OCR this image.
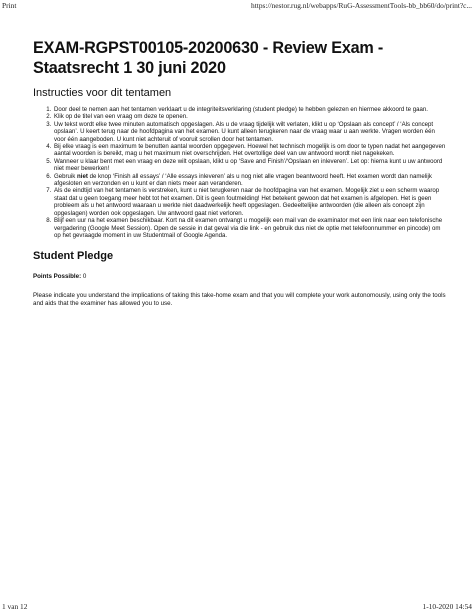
Print	https://nestor.rug.nl/webapps/RuG-AssessmentTools-bb_bb60/do/print?c...
EXAM-RGPST00105-20200630 - Review Exam - Staatsrecht 1 30 juni 2020
Instructies voor dit tentamen
1. Door deel te nemen aan het tentamen verklaart u de integriteitsverklaring (student pledge) te hebben gelezen en hiermee akkoord te gaan.
2. Klik op de titel van een vraag om deze te openen.
3. Uw tekst wordt elke twee minuten automatisch opgeslagen. Als u de vraag tijdelijk wilt verlaten, klikt u op ‘Opslaan als concept’ / ‘Als concept opslaan’. U keert terug naar de hoofdpagina van het examen. U kunt alleen terugkeren naar de vraag waar u aan werkte. Vragen worden één voor één aangeboden. U kunt niet achteruit of vooruit scrollen door het tentamen.
4. Bij elke vraag is een maximum te benutten aantal woorden opgegeven. Hoewel het technisch mogelijk is om door te typen nadat het aangegeven aantal woorden is bereikt, mag u het maximum niet overschrijden. Het overtollige deel van uw antwoord wordt niet nagekeken.
5. Wanneer u klaar bent met een vraag en deze wilt opslaan, klikt u op ‘Save and Finish’/‘Opslaan en inleveren’. Let op: hierna kunt u uw antwoord niet meer bewerken!
6. Gebruik niet de knop ‘Finish all essays’ / ‘Alle essays inleveren’ als u nog niet alle vragen beantwoord heeft. Het examen wordt dan namelijk afgesloten en verzonden en u kunt er dan niets meer aan veranderen.
7. Als de eindtijd van het tentamen is verstreken, kunt u niet terugkeren naar de hoofdpagina van het examen. Mogelijk ziet u een scherm waarop staat dat u geen toegang meer hebt tot het examen. Dit is geen foutmelding! Het betekent gewoon dat het examen is afgelopen. Het is geen probleem als u het antwoord waaraan u werkte niet daadwerkelijk heeft opgeslagen. Gedeeltelijke antwoorden (die alleen als concept zijn opgeslagen) worden ook opgeslagen. Uw antwoord gaat niet verloren.
8. Blijf een uur na het examen beschikbaar. Kort na dit examen ontvangt u mogelijk een mail van de examinator met een link naar een telefonische vergadering (Google Meet Session). Open de sessie in dat geval via die link - en gebruik dus niet de optie met telefoonnummer en pincode) om op het gevraagde moment in uw Studentmail of Google Agenda.
Student Pledge
Points Possible: 0
Please indicate you understand the implications of taking this take-home exam and that you will complete your work autonomously, using only the tools and aids that the examiner has allowed you to use.
1 van 12	1-10-2020 14:54
